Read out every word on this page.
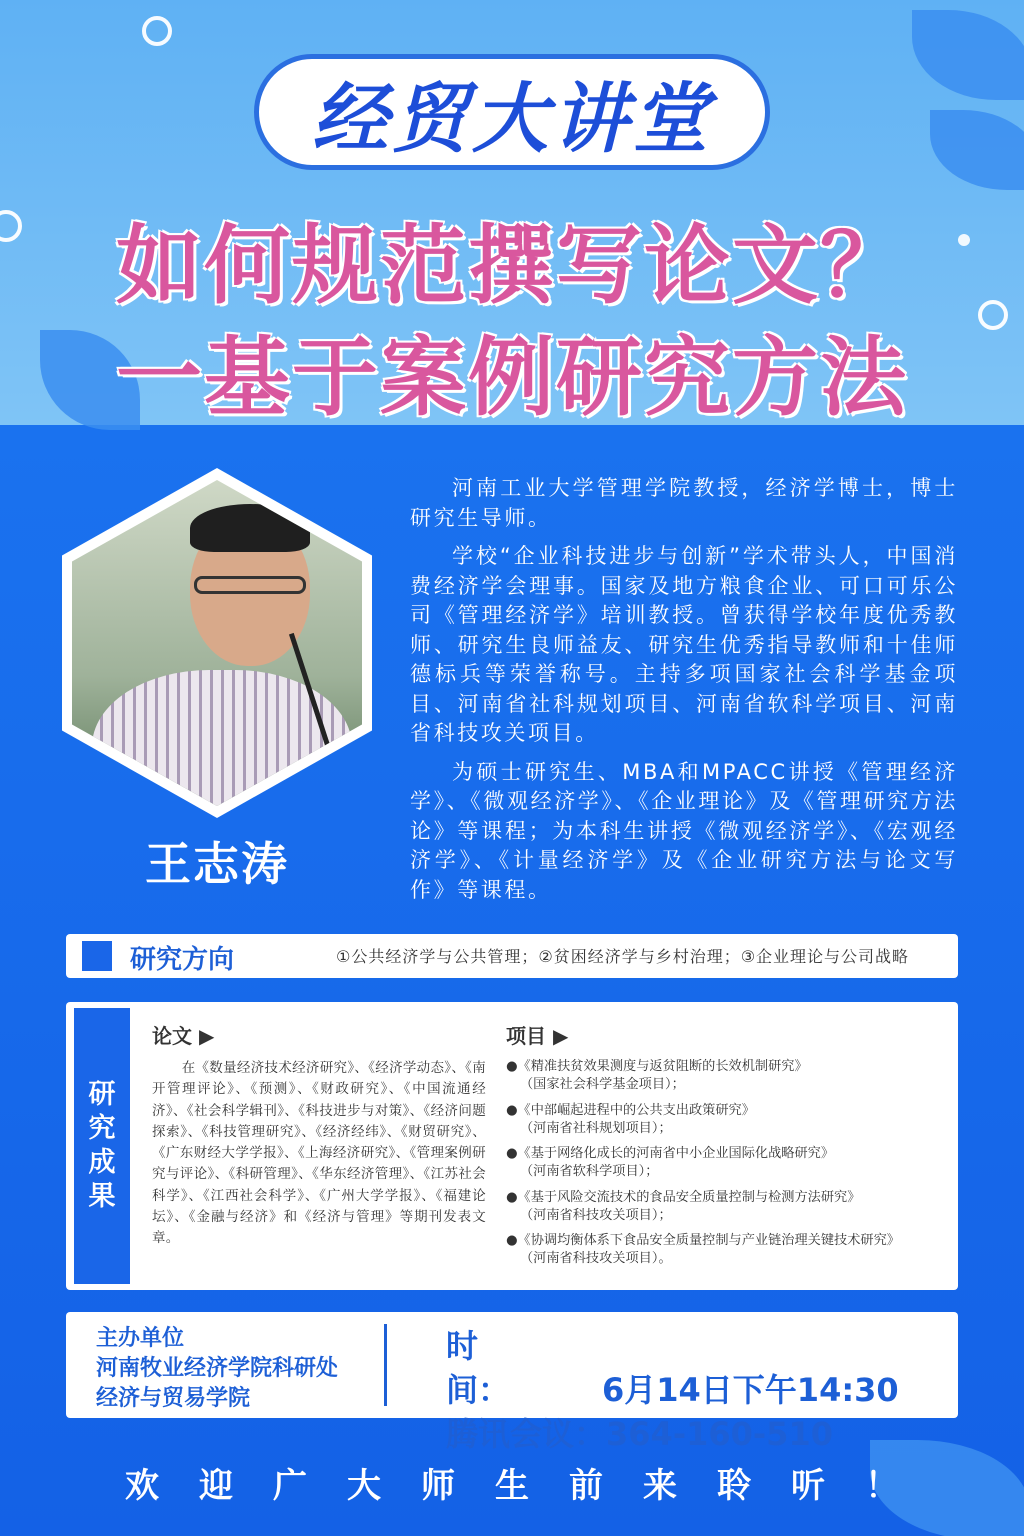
经贸大讲堂
如何规范撰写论文？
一基于案例研究方法
王志涛

河南工业大学管理学院教授，经济学博士，博士研究生导师。

学校“企业科技进步与创新”学术带头人，中国消费经济学会理事。国家及地方粮食企业、可口可乐公司《管理经济学》培训教授。曾获得学校年度优秀教师、研究生良师益友、研究生优秀指导教师和十佳师德标兵等荣誉称号。主持多项国家社会科学基金项目、河南省社科规划项目、河南省软科学项目、河南省科技攻关项目。

为硕士研究生、MBA和MPACC讲授《管理经济学》、《微观经济学》、《企业理论》及《管理研究方法论》等课程；为本科生讲授《微观经济学》、《宏观经济学》、《计量经济学》及《企业研究方法与论文写作》等课程。

研究方向	①公共经济学与公共管理；②贫困经济学与乡村治理；③企业理论与公司战略
研究成果
论文 ▶
在《数量经济技术经济研究》、《经济学动态》、《南开管理评论》、《预测》、《财政研究》、《中国流通经济》、《社会科学辑刊》、《科技进步与对策》、《经济问题探索》、《科技管理研究》、《经济经纬》、《财贸研究》、《广东财经大学学报》、《上海经济研究》、《管理案例研究与评论》、《科研管理》、《华东经济管理》、《江苏社会科学》、《江西社会科学》、《广州大学学报》、《福建论坛》、《金融与经济》和《经济与管理》等期刊发表文章。
项目 ▶
●《精准扶贫效果测度与返贫阻断的长效机制研究》
（国家社会科学基金项目）；
●《中部崛起进程中的公共支出政策研究》
（河南省社科规划项目）；
●《基于网络化成长的河南省中小企业国际化战略研究》
（河南省软科学项目）；
●《基于风险交流技术的食品安全质量控制与检测方法研究》
（河南省科技攻关项目）；
●《协调均衡体系下食品安全质量控制与产业链治理关键技术研究》
（河南省科技攻关项目）。
主办单位
河南牧业经济学院科研处
经济与贸易学院
时　　间：	6月14日下午14:30
腾讯会议：364-160-510
欢迎广大师生前来聆听！
